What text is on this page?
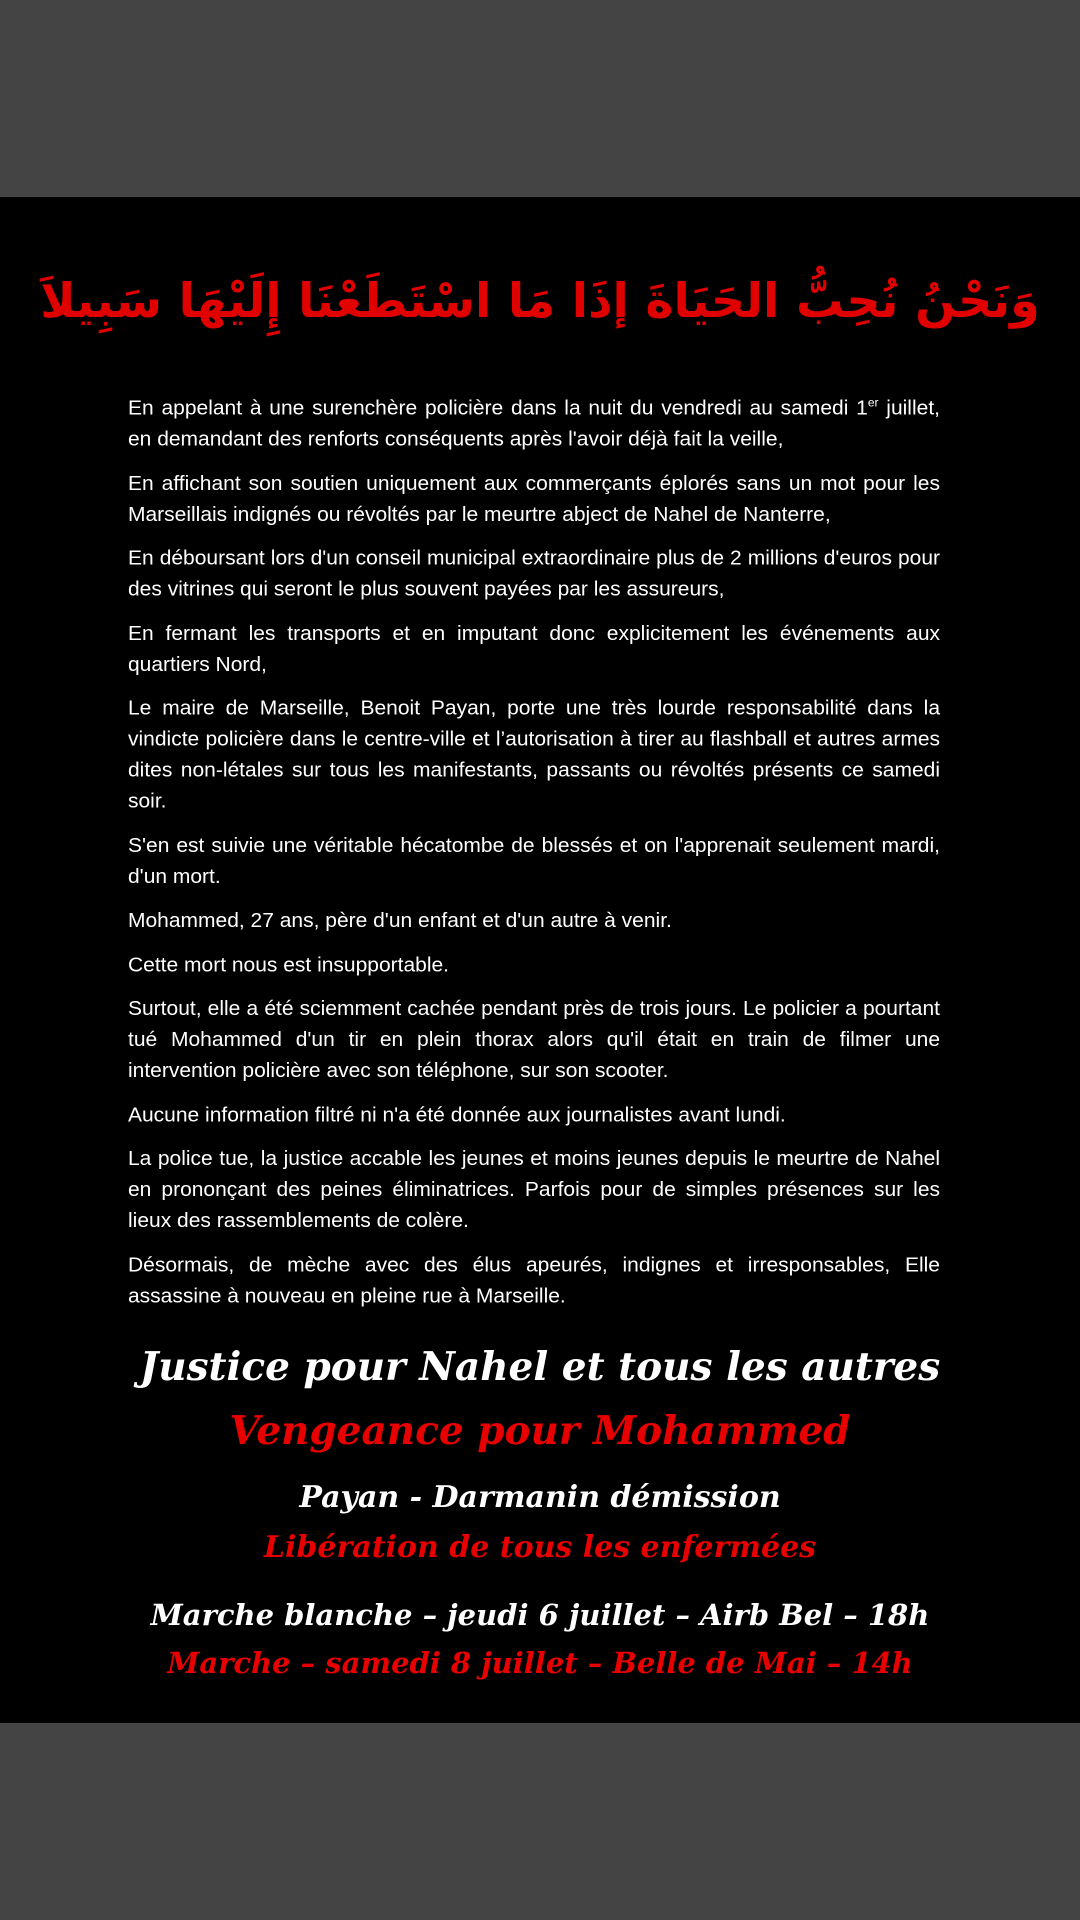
وَنَحْنُ نُحِبُّ الحَيَاةَ إذَا مَا اسْتَطَعْنَا إِلَيْهَا سَبِيلاَ

En appelant à une surenchère policière dans la nuit du vendredi au samedi 1er juillet, en demandant des renforts conséquents après l'avoir déjà fait la veille,

En affichant son soutien uniquement aux commerçants éplorés sans un mot pour les Marseillais indignés ou révoltés par le meurtre abject de Nahel de Nanterre,

En déboursant lors d'un conseil municipal extraordinaire plus de 2 millions d'euros pour des vitrines qui seront le plus souvent payées par les assureurs,

En fermant les transports et en imputant donc explicitement les événements aux quartiers Nord,

Le maire de Marseille, Benoit Payan, porte une très lourde responsabilité dans la vindicte policière dans le centre-ville et l’autorisation à tirer au flashball et autres armes dites non-létales sur tous les manifestants, passants ou révoltés présents ce samedi soir.

S'en est suivie une véritable hécatombe de blessés et on l'apprenait seulement mardi, d'un mort.

Mohammed, 27 ans, père d'un enfant et d'un autre à venir.

Cette mort nous est insupportable.

Surtout, elle a été sciemment cachée pendant près de trois jours. Le policier a pourtant tué Mohammed d'un tir en plein thorax alors qu'il était en train de filmer une intervention policière avec son téléphone, sur son scooter.

Aucune information filtré ni n'a été donnée aux journalistes avant lundi.

La police tue, la justice accable les jeunes et moins jeunes depuis le meurtre de Nahel en prononçant des peines éliminatrices. Parfois pour de simples présences sur les lieux des rassemblements de colère.

Désormais, de mèche avec des élus apeurés, indignes et irresponsables, Elle assassine à nouveau en pleine rue à Marseille.

Justice pour Nahel et tous les autres

Vengeance pour Mohammed

Payan - Darmanin démission

Libération de tous les enfermées

Marche blanche – jeudi 6 juillet – Airb Bel – 18h

Marche – samedi 8 juillet – Belle de Mai – 14h
